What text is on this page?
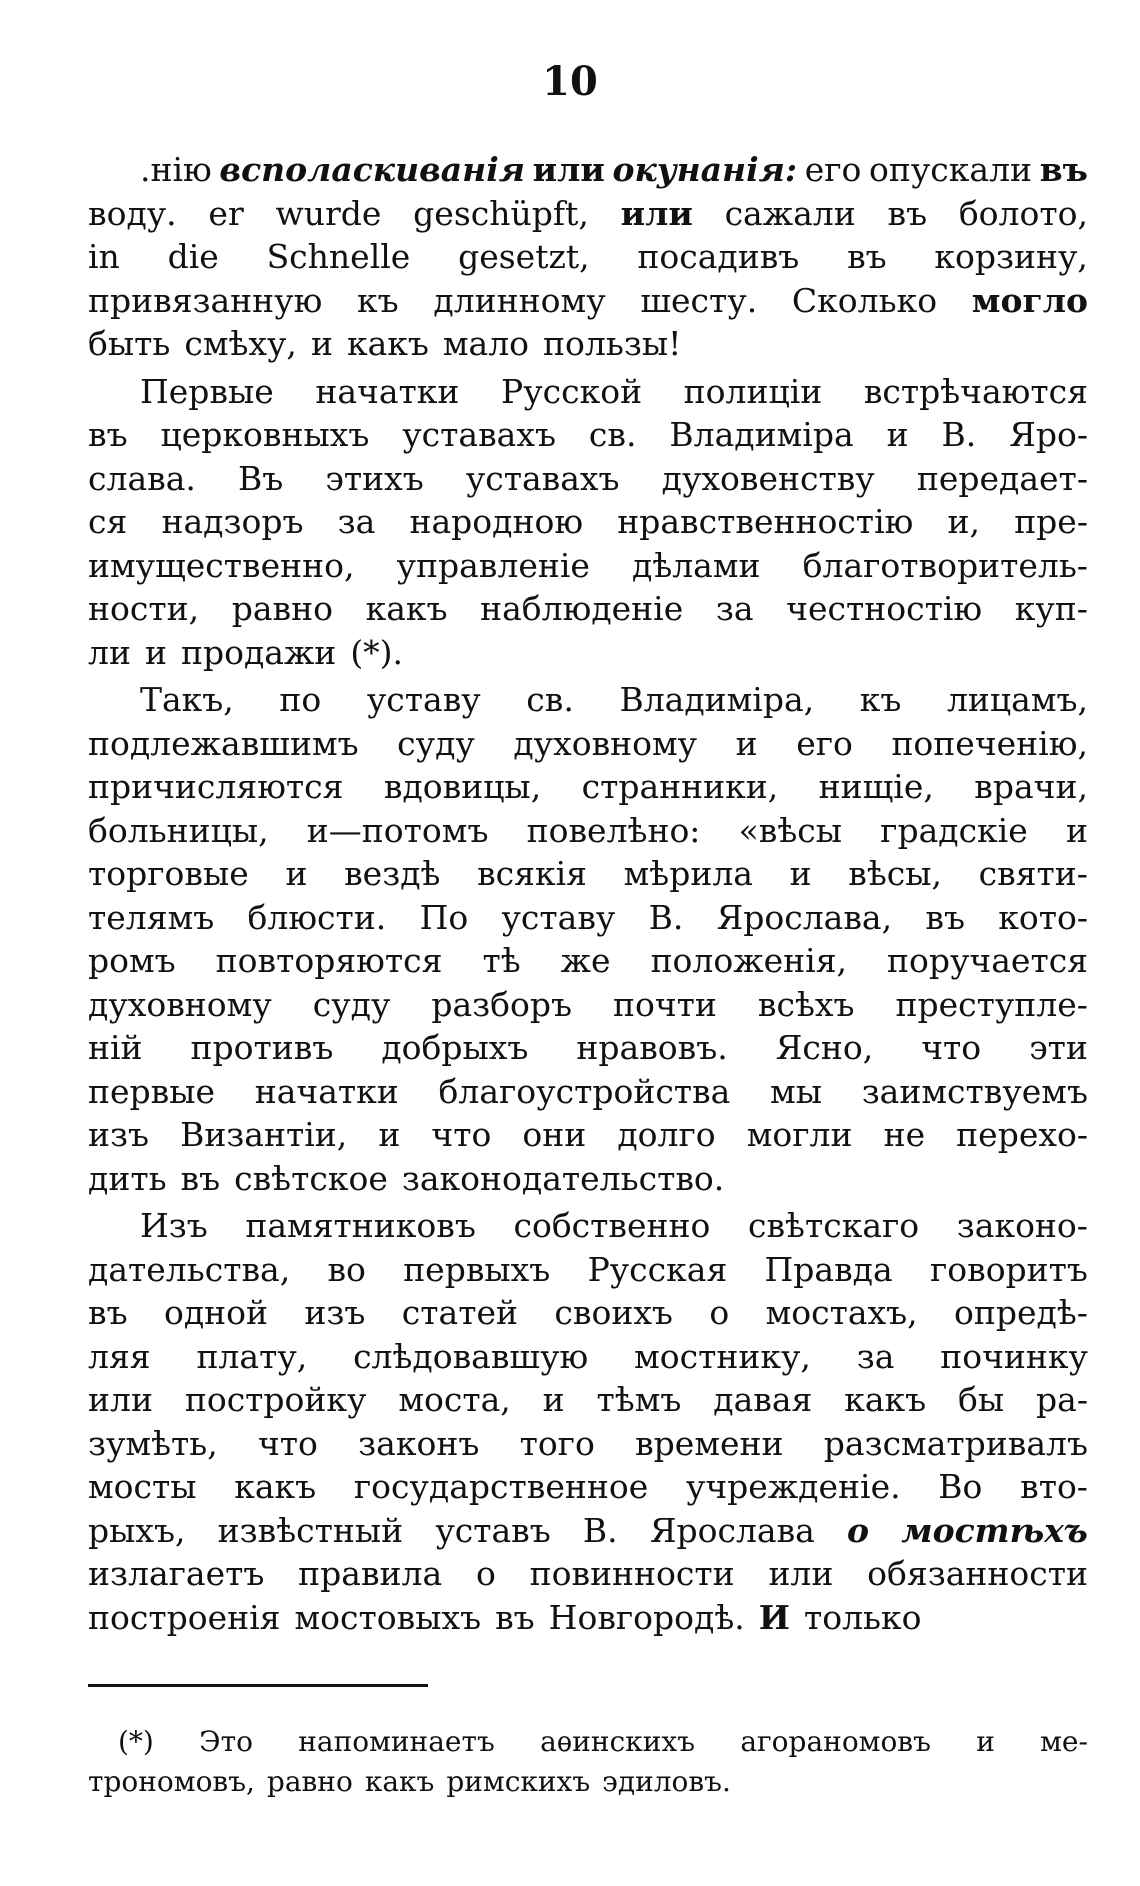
10
.нію всполаскиванія или окунанія: его опускали въ
воду. er wurde geschüpft, или сажали въ болото,
in die Schnelle gesetzt, посадивъ въ корзину,
привязанную къ длинному шесту. Сколько могло
быть смѣху, и какъ мало пользы!
Первые начатки Русской полиціи встрѣчаются
въ церковныхъ уставахъ св. Владиміра и В. Яро-
слава. Въ этихъ уставахъ духовенству передает-
ся надзоръ за народною нравственностію и, пре-
имущественно, управленіе дѣлами благотворитель-
ности, равно какъ наблюденіе за честностію куп-
ли и продажи (*).
Такъ, по уставу св. Владиміра, къ лицамъ,
подлежавшимъ суду духовному и его попеченію,
причисляются вдовицы, странники, нищіе, врачи,
больницы, и—потомъ повелѣно: «вѣсы градскіе и
торговые и вездѣ всякія мѣрила и вѣсы, святи-
телямъ блюсти. По уставу В. Ярослава, въ кото-
ромъ повторяются тѣ же положенія, поручается
духовному суду разборъ почти всѣхъ преступле-
ній противъ добрыхъ нравовъ. Ясно, что эти
первые начатки благоустройства мы заимствуемъ
изъ Византіи, и что они долго могли не перехо-
дить въ свѣтское законодательство.
Изъ памятниковъ собственно свѣтскаго законо-
дательства, во первыхъ Русская Правда говоритъ
въ одной изъ статей своихъ о мостахъ, опредѣ-
ляя плату, слѣдовавшую мостнику, за починку
или постройку моста, и тѣмъ давая какъ бы ра-
зумѣть, что законъ того времени разсматривалъ
мосты какъ государственное учрежденіе. Во вто-
рыхъ, извѣстный уставъ В. Ярослава о мостѣхъ
излагаетъ правила о повинности или обязанности
построенія мостовыхъ въ Новгородѣ. И только
(*) Это напоминаетъ аѳинскихъ агораномовъ и ме-
трономовъ, равно какъ римскихъ эдиловъ.
